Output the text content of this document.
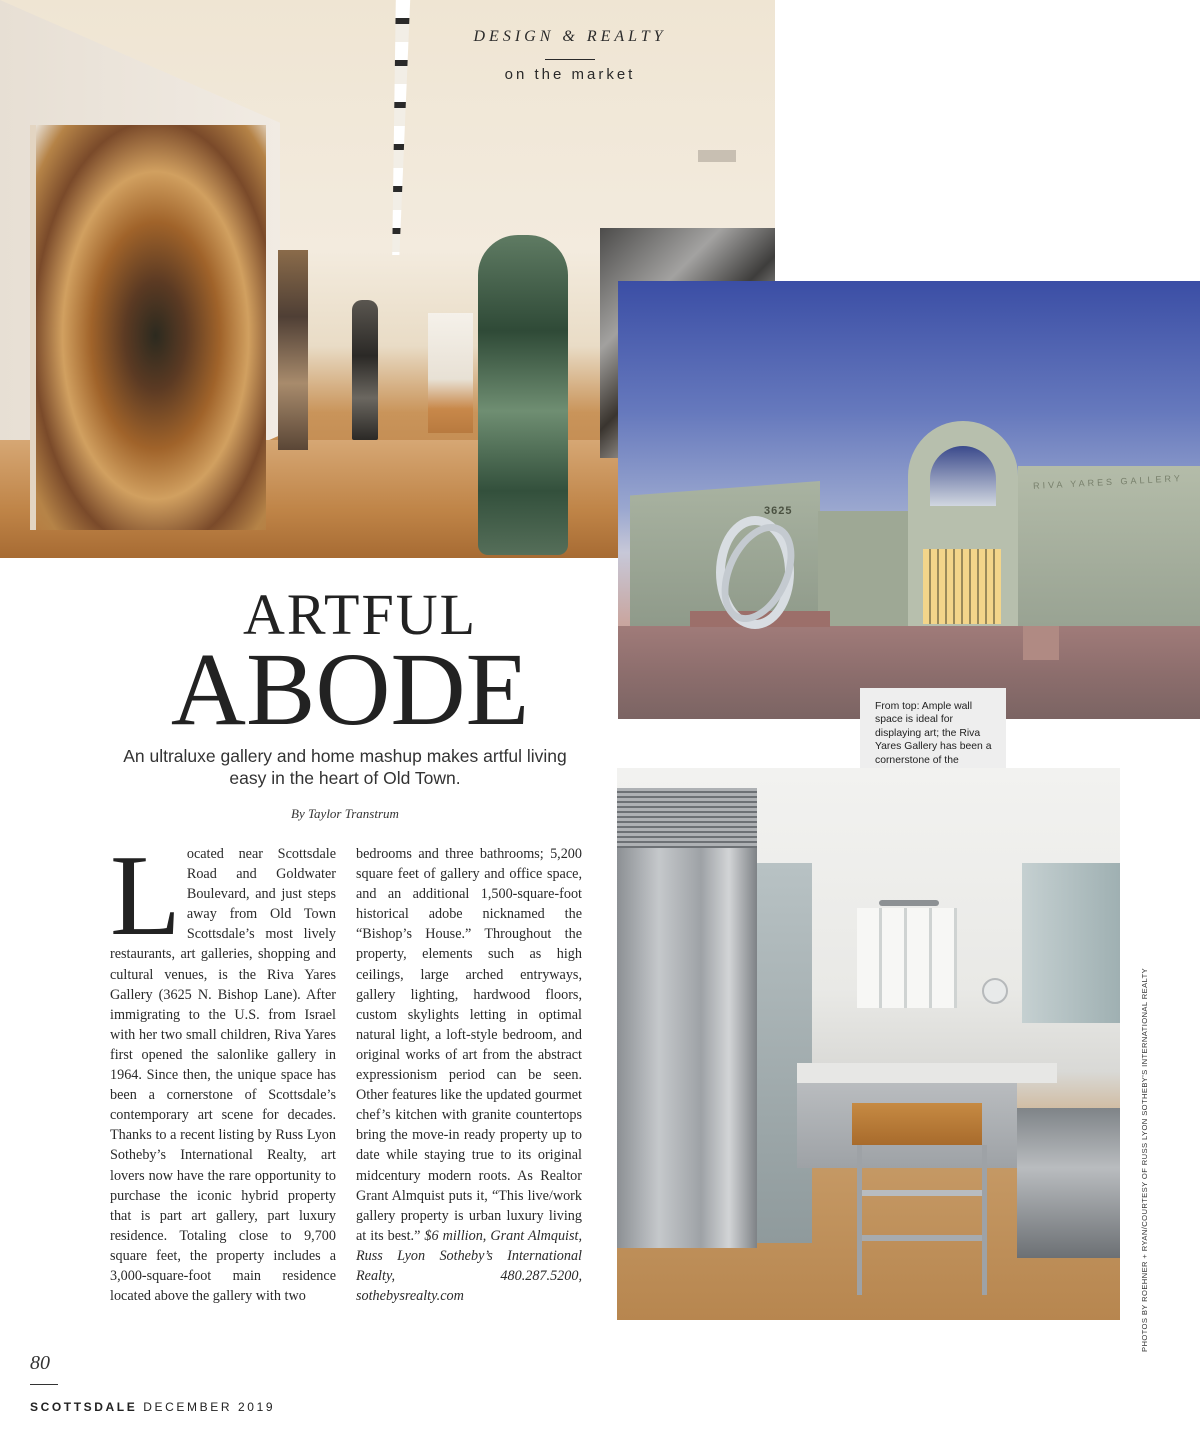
DESIGN & REALTY
on the market
3625
RIVA YARES GALLERY
From top: Ample wall space is ideal for displaying art; the Riva Yares Gallery has been a cornerstone of the
PHOTOS BY ROEHNER + RYAN/COURTESY OF RUSS LYON SOTHEBY'S INTERNATIONAL REALTY
ARTFUL
ABODE
An ultraluxe gallery and home mashup makes artful living easy in the heart of Old Town.
By Taylor Transtrum
Located near Scottsdale Road and Goldwater Boulevard, and just steps away from Old Town Scottsdale’s most lively restaurants, art galleries, shopping and cultural venues, is the Riva Yares Gallery (3625 N. Bishop Lane). After immigrating to the U.S. from Israel with her two small children, Riva Yares first opened the salonlike gallery in 1964. Since then, the unique space has been a cornerstone of Scottsdale’s contemporary art scene for decades. Thanks to a recent listing by Russ Lyon Sotheby’s International Realty, art lovers now have the rare opportunity to purchase the iconic hybrid property that is part art gallery, part luxury residence. Totaling close to 9,700 square feet, the property includes a 3,000-square-foot main residence located above the gallery with two
bedrooms and three bathrooms; 5,200 square feet of gallery and office space, and an additional 1,500-square-foot historical adobe nicknamed the “Bishop’s House.” Throughout the property, elements such as high ceilings, large arched entryways, gallery lighting, hardwood floors, custom skylights letting in optimal natural light, a loft-style bedroom, and original works of art from the abstract expressionism period can be seen. Other features like the updated gourmet chef’s kitchen with granite countertops bring the move-in ready property up to date while staying true to its original midcentury modern roots. As Realtor Grant Almquist puts it, “This live/work gallery property is urban luxury living at its best.” $6 million, Grant Almquist, Russ Lyon Sotheby’s International Realty, 480.287.5200, sothebysrealty.com
80
SCOTTSDALE DECEMBER 2019
